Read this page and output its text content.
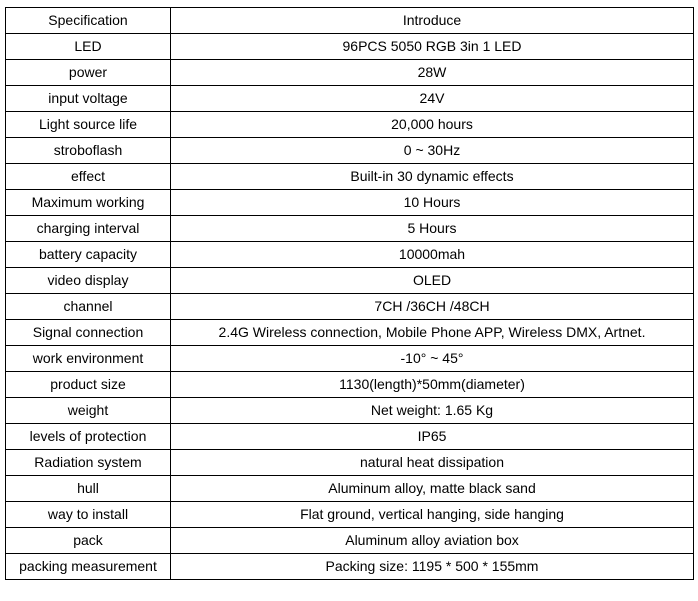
Specification	Introduce
LED	96PCS 5050 RGB 3in 1 LED
power	28W
input voltage	24V
Light source life	20,000 hours
stroboflash	0 ~ 30Hz
effect	Built-in 30 dynamic effects
Maximum working	10 Hours
charging interval	5 Hours
battery capacity	10000mah
video display	OLED
channel	7CH /36CH /48CH
Signal connection	2.4G Wireless connection, Mobile Phone APP, Wireless DMX, Artnet.
work environment	-10° ~ 45°
product size	1130(length)*50mm(diameter)
weight	Net weight: 1.65 Kg
levels of protection	IP65
Radiation system	natural heat dissipation
hull	Aluminum alloy, matte black sand
way to install	Flat ground, vertical hanging, side hanging
pack	Aluminum alloy aviation box
packing measurement	Packing size: 1195 * 500 * 155mm
